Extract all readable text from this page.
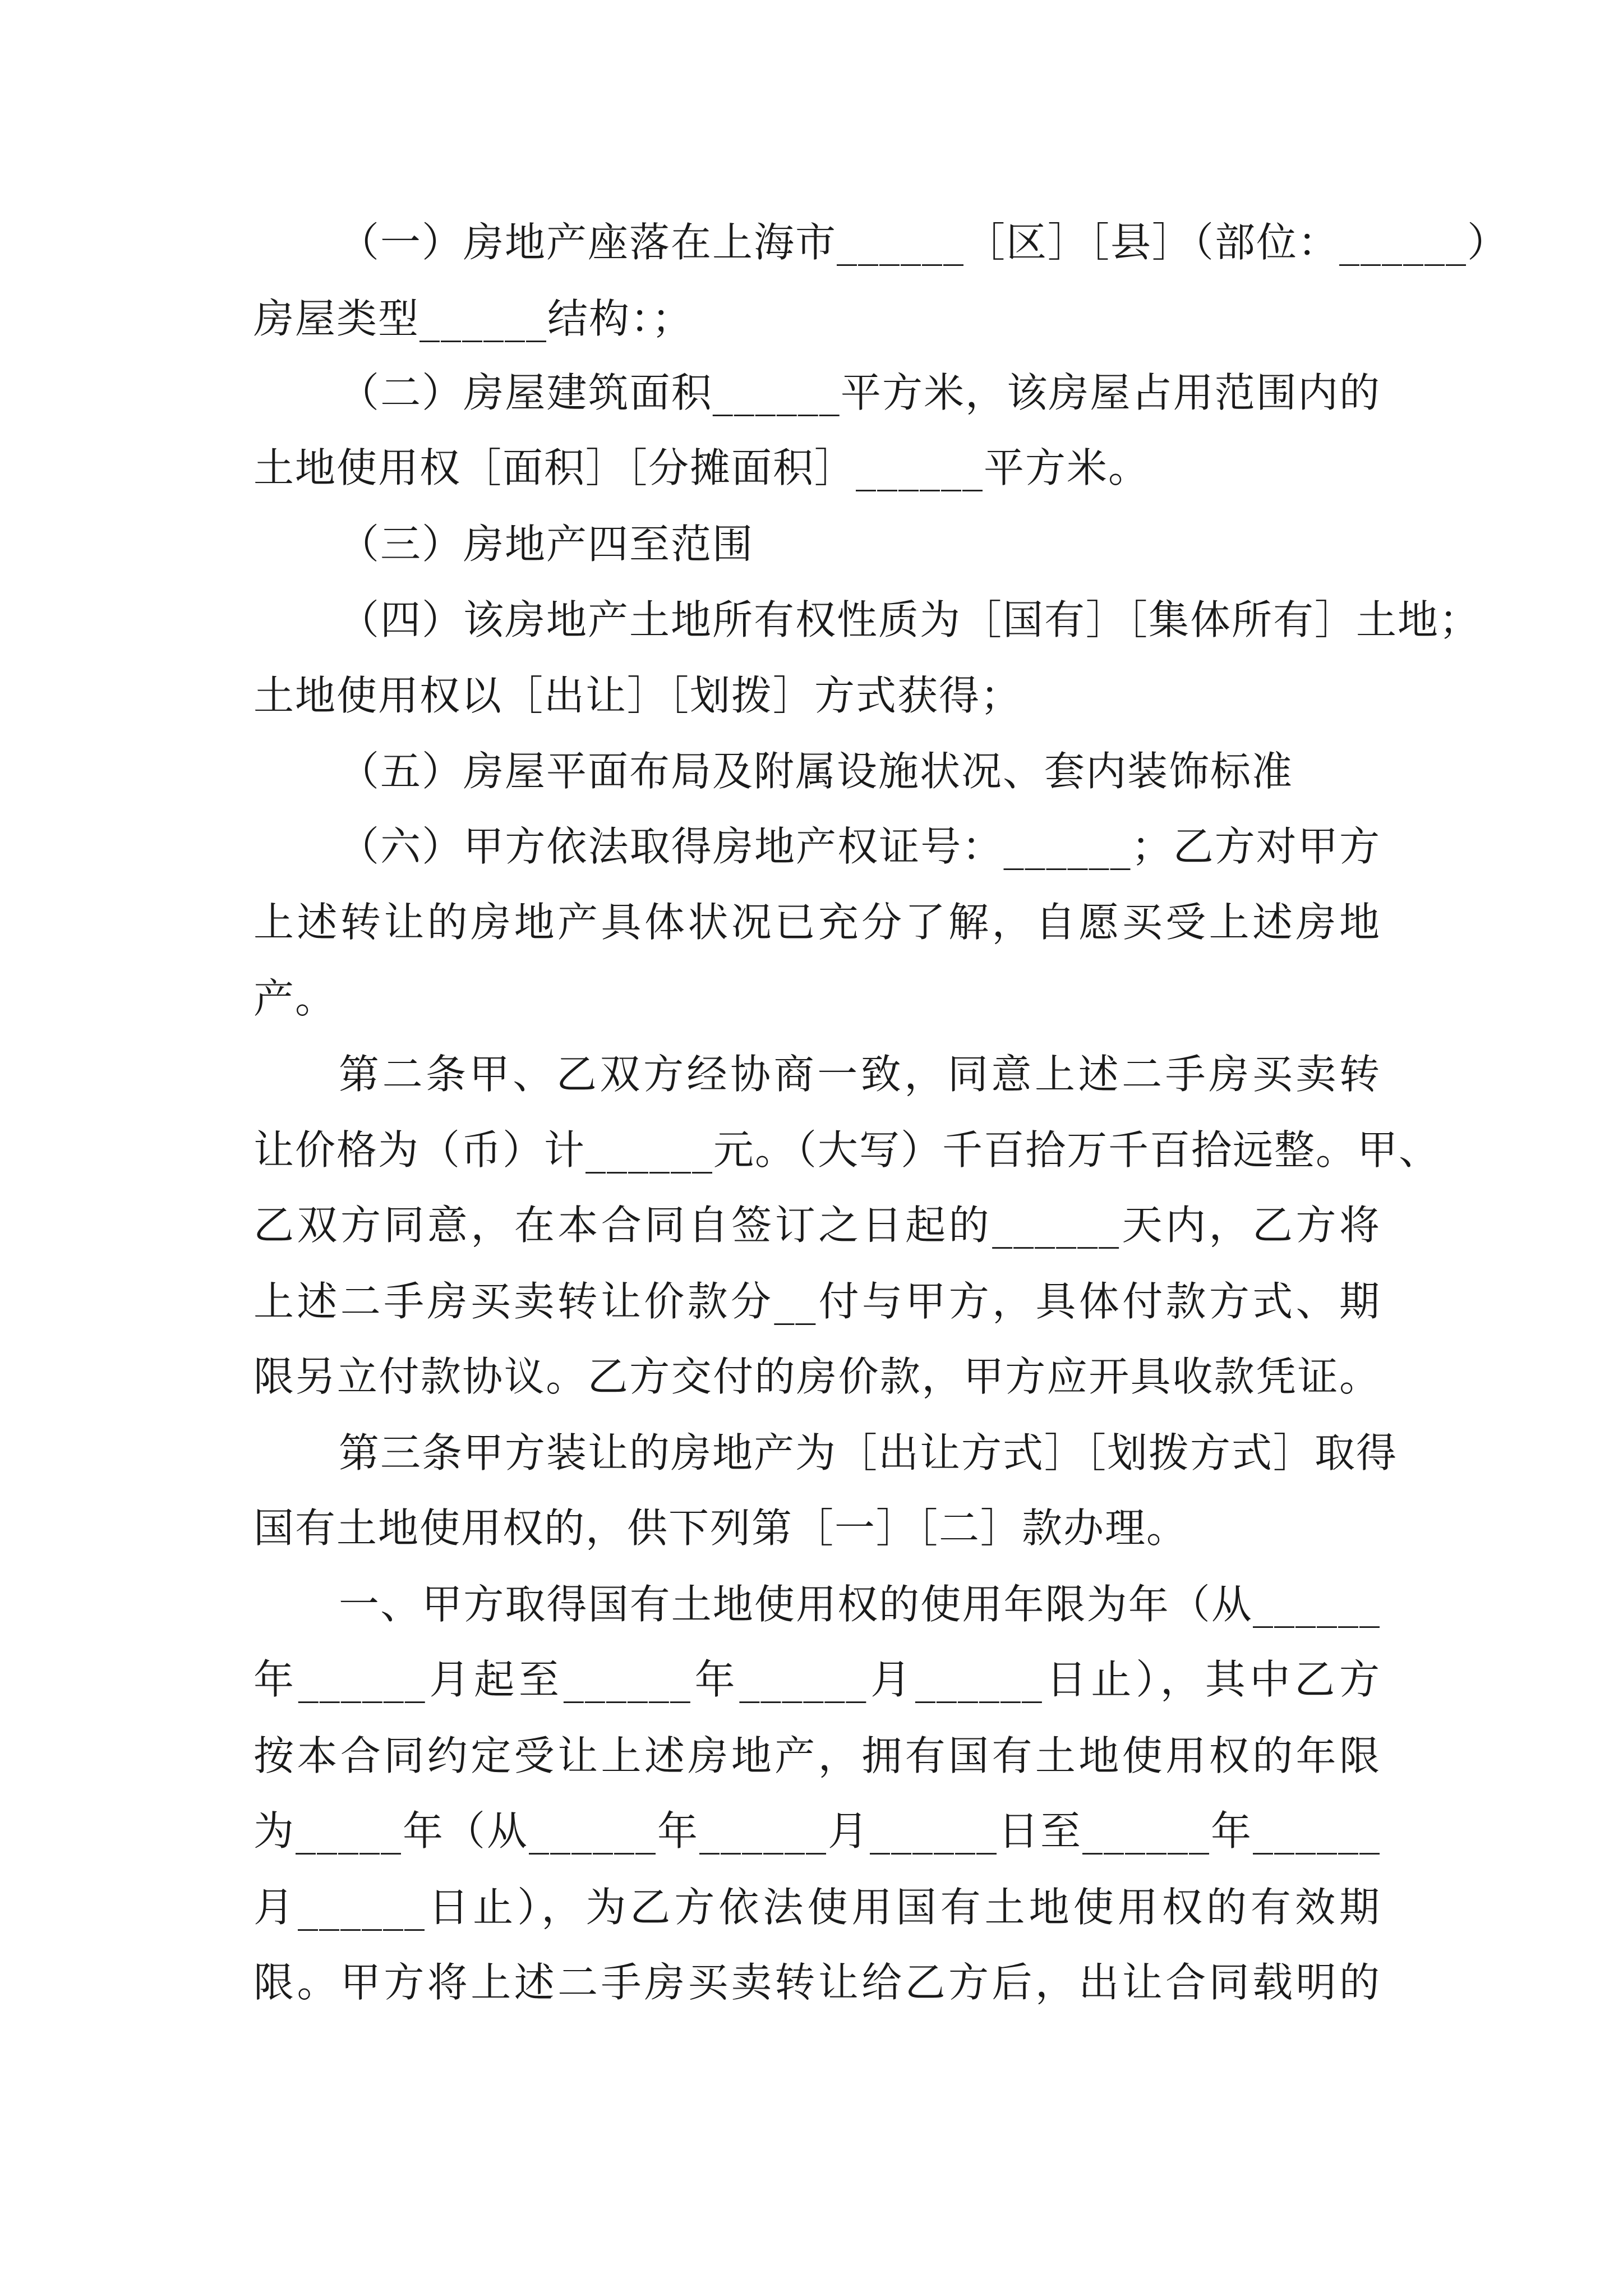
（一）房地产座落在上海市______［区］［县］（部位：______）
房屋类型______结构：；
（二）房屋建筑面积______平方米，该房屋占用范围内的
土地使用权［面积］［分摊面积］______平方米。
（三）房地产四至范围
（四）该房地产土地所有权性质为［国有］［集体所有］土地；
土地使用权以［出让］［划拨］方式获得；
（五）房屋平面布局及附属设施状况、套内装饰标准
（六）甲方依法取得房地产权证号：______；乙方对甲方
上述转让的房地产具体状况已充分了解，自愿买受上述房地
产。
第二条甲、乙双方经协商一致，同意上述二手房买卖转
让价格为（币）计______元。（大写）千百拾万千百拾远整。甲、
乙双方同意，在本合同自签订之日起的______天内，乙方将
上述二手房买卖转让价款分__付与甲方，具体付款方式、期
限另立付款协议。乙方交付的房价款，甲方应开具收款凭证。
第三条甲方装让的房地产为［出让方式］［划拨方式］取得
国有土地使用权的，供下列第［一］［二］款办理。
一、甲方取得国有土地使用权的使用年限为年（从______
年______月起至______年______月______日止），其中乙方
按本合同约定受让上述房地产，拥有国有土地使用权的年限
为_____年（从______年______月______日至______年______
月______日止），为乙方依法使用国有土地使用权的有效期
限。甲方将上述二手房买卖转让给乙方后，出让合同载明的
